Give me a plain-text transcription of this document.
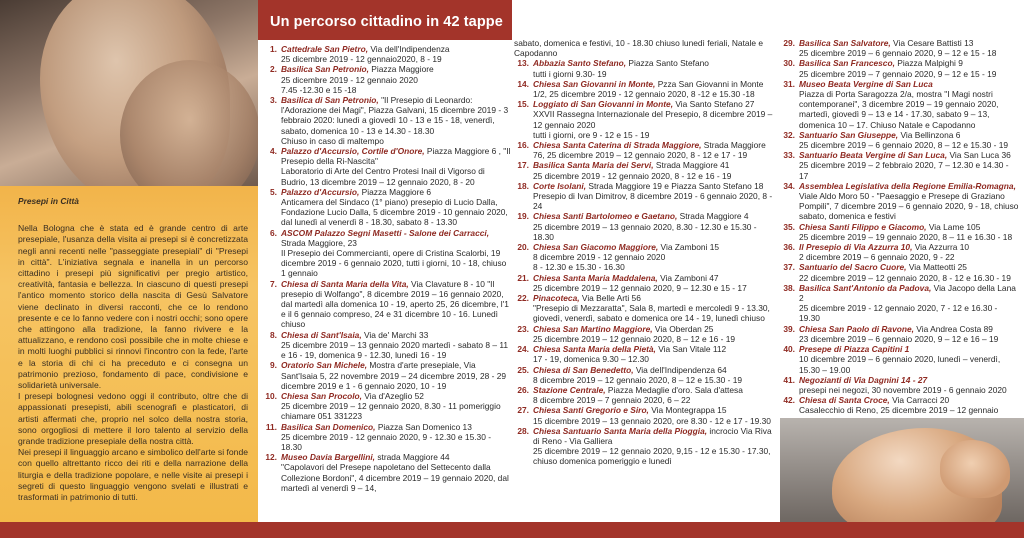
Presepi in Città

Nella Bologna che è stata ed è grande centro di arte presepiale, l'usanza della visita ai presepi si è concretizzata negli anni recenti nelle "passeggiate presepiali" di "Presepi in città". L'iniziativa segnala e inanella in un percorso cittadino i presepi più significativi per pregio artistico, creatività, fantasia e bellezza. In ciascuno di questi presepi l'antico momento storico della nascita di Gesù Salvatore viene declinato in diversi racconti, che ce lo rendono presente e ce lo fanno vedere con i nostri occhi; sono opere che attingono alla tradizione, la fanno rivivere e la attualizzano, e rendono così possibile che in molte chiese e in molti luoghi pubblici si rinnovi l'incontro con la fede, l'arte e la storia di chi ci ha preceduto e ci consegna un patrimonio prezioso, fondamento di pace, condivisione e solidarietà universale.

I presepi bolognesi vedono oggi il contributo, oltre che di appassionati presepisti, abili scenografi e plasticatori, di artisti affermati che, proprio nel solco della nostra storia, sono orgogliosi di mettere il loro talento al servizio della grande tradizione presepiale della nostra città.

Nei presepi il linguaggio arcano e simbolico dell'arte si fonde con quello altrettanto ricco dei riti e della narrazione della liturgia e della tradizione popolare, e nelle visite ai presepi i segreti di questo linguaggio vengono svelati e illustrati e trasformati in patrimonio di tutti.

Un percorso cittadino in 42 tappe
1. Cattedrale San Pietro, Via dell'Indipendenza
25 dicembre 2019 - 12 gennaio2020, 8 - 19
2. Basilica San Petronio, Piazza Maggiore
25 dicembre 2019 - 12 gennaio 2020
7.45 -12.30 e 15 -18
3. Basilica di San Petronio, "Il Presepio di Leonardo: l'Adorazione dei Magi", Piazza Galvani, 15 dicembre 2019 - 3 febbraio 2020: lunedì a giovedì 10 - 13 e 15 - 18, venerdì, sabato, domenica 10 - 13 e 14.30 - 18.30
Chiuso in caso di maltempo
4. Palazzo d'Accursio, Cortile d'Onore, Piazza Maggiore 6 , "Il Presepio della Ri-Nascita"
Laboratorio di Arte del Centro Protesi Inail di Vigorso di Budrio, 13 dicembre 2019 – 12 gennaio 2020, 8 - 20
5. Palazzo d'Accursio, Piazza Maggiore 6
Anticamera del Sindaco (1° piano) presepio di Lucio Dalla, Fondazione Lucio Dalla, 5 dicembre 2019 - 10 gennaio 2020, dal lunedì al venerdì 8 - 18.30, sabato 8 - 13.30
6. ASCOM Palazzo Segni Masetti - Salone dei Carracci, Strada Maggiore, 23
Il Presepio dei Commercianti, opere di Cristina Scalorbi, 19 dicembre 2019 - 6 gennaio 2020, tutti i giorni, 10 - 18, chiuso 1 gennaio
7. Chiesa di Santa Maria della Vita, Via Clavature 8 - 10 "Il presepio di Wolfango", 8 dicembre 2019 – 16 gennaio 2020, dal martedì alla domenica 10 - 19, aperto 25, 26 dicembre, l'1 e il 6 gennaio compreso, 24 e 31 dicembre 10 - 16. Lunedì chiuso
8. Chiesa di Sant'Isaia, Via de' Marchi 33
25 dicembre 2019 – 13 gennaio 2020 martedì - sabato 8 – 11 e 16 - 19, domenica 9 - 12.30, lunedì 16 - 19
9. Oratorio San Michele, Mostra d'arte presepiale, Via Sant'Isaia 5, 22 novembre 2019 – 24 dicembre 2019, 28 - 29 dicembre 2019 e 1 - 6 gennaio 2020, 10 - 19
10. Chiesa San Procolo, Via d'Azeglio 52
25 dicembre 2019 – 12 gennaio 2020, 8.30 - 11 pomeriggio chiamare 051 331223
11. Basilica San Domenico, Piazza San Domenico 13
25 dicembre 2019 - 12 gennaio 2020, 9 - 12.30 e 15.30 - 18.30
12. Museo Davia Bargellini, strada Maggiore 44
"Capolavori del Presepe napoletano del Settecento dalla Collezione Bordoni", 4 dicembre 2019 – 19 gennaio 2020, dal martedì al venerdì 9 – 14,
sabato, domenica e festivi, 10 - 18.30 chiuso lunedì feriali, Natale e Capodanno
13. Abbazia Santo Stefano, Piazza Santo Stefano
tutti i giorni 9.30- 19
14. Chiesa San Giovanni in Monte, Pzza San Giovanni in Monte 1/2, 25 dicembre 2019 - 12 gennaio 2020, 8 -12 e 15.30 -18
15. Loggiato di San Giovanni in Monte, Via Santo Stefano 27 XXVII Rassegna Internazionale del Presepio, 8 dicembre 2019 – 12 gennaio 2020
tutti i giorni, ore 9 - 12 e 15 - 19
16. Chiesa Santa Caterina di Strada Maggiore, Strada Maggiore 76, 25 dicembre 2019 – 12 gennaio 2020, 8 - 12 e 17 - 19
17. Basilica Santa Maria dei Servi, Strada Maggiore 41
25 dicembre 2019 - 12 gennaio 2020, 8 - 12 e 16 - 19
18. Corte Isolani, Strada Maggiore 19 e Piazza Santo Stefano 18 Presepio di Ivan Dimitrov, 8 dicembre 2019 - 6 gennaio 2020, 8 - 24
19. Chiesa Santi Bartolomeo e Gaetano, Strada Maggiore 4
25 dicembre 2019 – 13 gennaio 2020, 8.30 - 12.30 e 15.30 - 18.30
20. Chiesa San Giacomo Maggiore, Via Zamboni 15
8 dicembre 2019 - 12 gennaio 2020
8 - 12.30 e 15.30 - 16.30
21. Chiesa Santa Maria Maddalena, Via Zamboni 47
25 dicembre 2019 – 12 gennaio 2020, 9 – 12.30 e 15 - 17
22. Pinacoteca, Via Belle Arti 56
"Presepio di Mezzaratta", Sala 8, martedì e mercoledì 9 - 13.30, giovedì, venerdì, sabato e domenica ore 14 - 19, lunedì chiuso
23. Chiesa San Martino Maggiore, Via Oberdan 25
25 dicembre 2019 – 12 gennaio 2020, 8 – 12 e 16 - 19
24. Chiesa Santa Maria della Pietà, Via San Vitale 112
17 - 19, domenica 9.30 – 12.30
25. Chiesa di San Benedetto, Via dell'Indipendenza 64
8 dicembre 2019 – 12 gennaio 2020, 8 – 12 e 15.30 - 19
26. Stazione Centrale, Piazza Medaglie d'oro. Sala d'attesa
8 dicembre 2019 – 7 gennaio 2020, 6 – 22
27. Chiesa Santi Gregorio e Siro, Via Montegrappa 15
15 dicembre 2019 – 13 gennaio 2020, ore 8.30 - 12 e 17 - 19.30
28. Chiesa Santuario Santa Maria della Pioggia, incrocio Via Riva di Reno - Via Galliera
25 dicembre 2019 – 12 gennaio 2020, 9,15 - 12 e 15.30 - 17.30, chiuso domenica pomeriggio e lunedì
29. Basilica San Salvatore, Via Cesare Battisti 13
25 dicembre 2019 – 6 gennaio 2020, 9 – 12 e 15 - 18
30. Basilica San Francesco, Piazza Malpighi 9
25 dicembre 2019 – 7 gennaio 2020, 9 – 12 e 15 - 19
31. Museo Beata Vergine di San Luca
Piazza di Porta Saragozza 2/a, mostra "I Magi nostri contemporanei", 3 dicembre 2019 – 19 gennaio 2020, martedì, giovedì 9 – 13 e 14 - 17.30, sabato 9 – 13, domenica 10 – 17. Chiuso Natale e Capodanno
32. Santuario San Giuseppe, Via Bellinzona 6
25 dicembre 2019 – 6 gennaio 2020, 8 – 12 e 15.30 - 19
33. Santuario Beata Vergine di San Luca, Via San Luca 36
25 dicembre 2019 – 2 febbraio 2020, 7 – 12.30 e 14.30 - 17
34. Assemblea Legislativa della Regione Emilia-Romagna, Viale Aldo Moro 50 - "Paesaggio e Presepe di Graziano Pompili", 7 dicembre 2019 – 6 gennaio 2020, 9 - 18, chiuso sabato, domenica e festivi
35. Chiesa Santi Filippo e Giacomo, Via Lame 105
25 dicembre 2019 – 19 gennaio 2020, 8 – 11 e 16.30 - 18
36. Il Presepio di Via Azzurra 10, Via Azzurra 10
2 dicembre 2019 – 6 gennaio 2020, 9 - 22
37. Santuario del Sacro Cuore, Via Matteotti 25
22 dicembre 2019 – 12 gennaio 2020, 8 - 12 e 16.30 - 19
38. Basilica Sant'Antonio da Padova, Via Jacopo della Lana 2
25 dicembre 2019 - 12 gennaio 2020, 7 - 12 e 16.30 - 19.30
39. Chiesa San Paolo di Ravone, Via Andrea Costa 89
23 dicembre 2019 – 6 gennaio 2020, 9 – 12 e 16 – 19
40. Presepe di Piazza Capitini 1
10 dicembre 2019 – 6 gennaio 2020, lunedì – venerdì, 15.30 – 19.00
41. Negozianti di Via Dagnini 14 - 27
presepi nei negozi, 30 novembre 2019 - 6 gennaio 2020
42. Chiesa di Santa Croce, Via Carracci 20
Casalecchio di Reno, 25 dicembre 2019 – 12 gennaio
